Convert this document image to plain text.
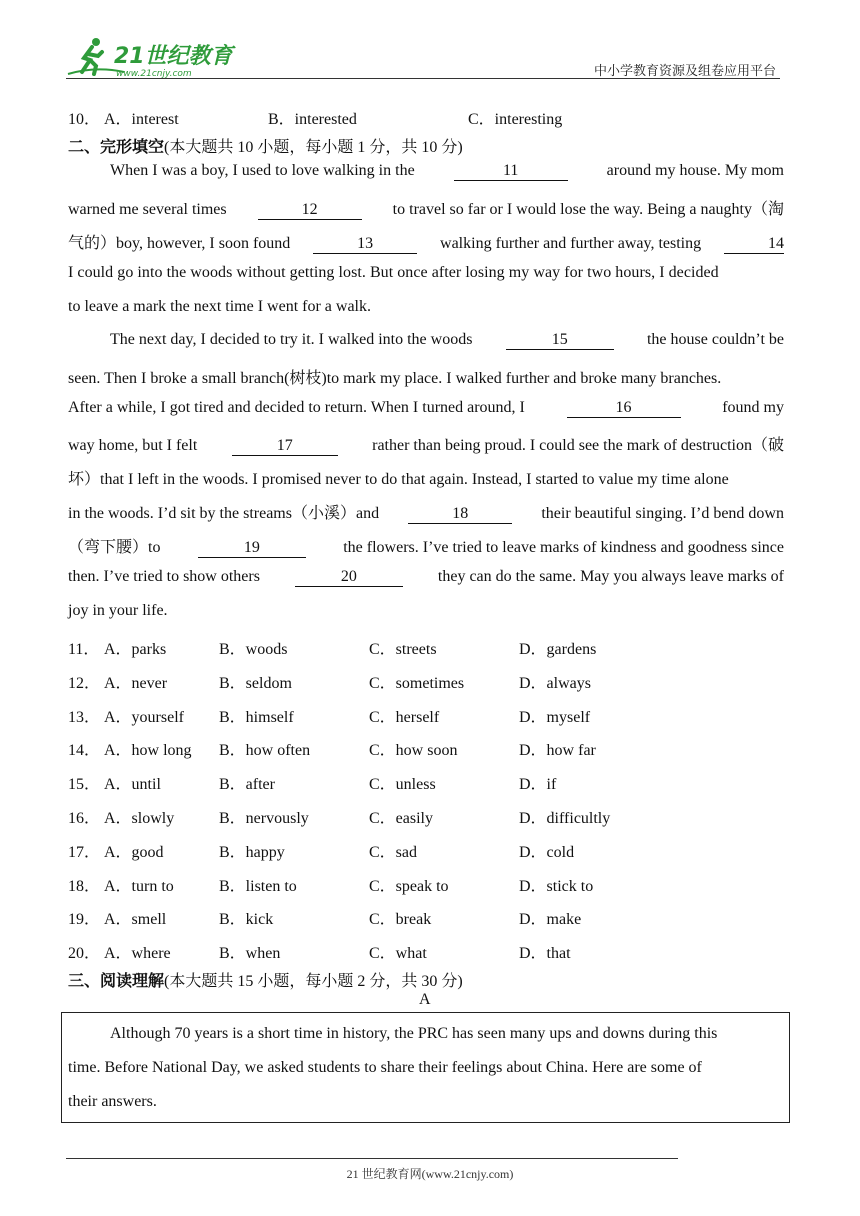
21世纪教育
www.21cnjy.com	中小学教育资源及组卷应用平台
10． A．interest	B．interested	C．interesting
二、完形填空(本大题共 10 小题，每小题 1 分，共 10 分)
When I was a boy, I used to love walking in the	11	around my house. My mom
warned me several times	12	to travel so far or I would lose the way. Being a naughty（淘
气的）boy, however, I soon found	13	walking further and further away, testing	14
I could go into the woods without getting lost. But once after losing my way for two hours, I decided
to leave a mark the next time I went for a walk.
The next day, I decided to try it. I walked into the woods	15	the house couldn’t be
seen. Then I broke a small branch(树枝)to mark my place. I walked further and broke many branches.
After a while, I got tired and decided to return. When I turned around, I	16	found my
way home, but I felt	17	rather than being proud. I could see the mark of destruction（破
坏）that I left in the woods. I promised never to do that again. Instead, I started to value my time alone
in the woods. I’d sit by the streams（小溪）and	18	their beautiful singing. I’d bend down
（弯下腰）to	19	the flowers. I’ve tried to leave marks of kindness and goodness since
then. I’ve tried to show others	20	they can do the same. May you always leave marks of
joy in your life.
11． A．parks	B．woods	C．streets	D．gardens
12． A．never	B．seldom	C．sometimes	D．always
13． A．yourself B．himself	C．herself	D．myself
14． A．how long B．how often	C．how soon	D．how far
15． A．until	B．after	C．unless	D．if
16． A．slowly	B．nervously	C．easily	D．difficultly
17． A．good	B．happy	C．sad	D．cold
18． A．turn to	B．listen to	C．speak to	D．stick to
19． A．smell	B．kick	C．break	D．make
20． A．where	B．when	C．what	D．that
三、阅读理解(本大题共 15 小题，每小题 2 分，共 30 分)
A
Although 70 years is a short time in history, the PRC has seen many ups and downs during this
time. Before National Day, we asked students to share their feelings about China. Here are some of
their answers.
21 世纪教育网(www.21cnjy.com)
